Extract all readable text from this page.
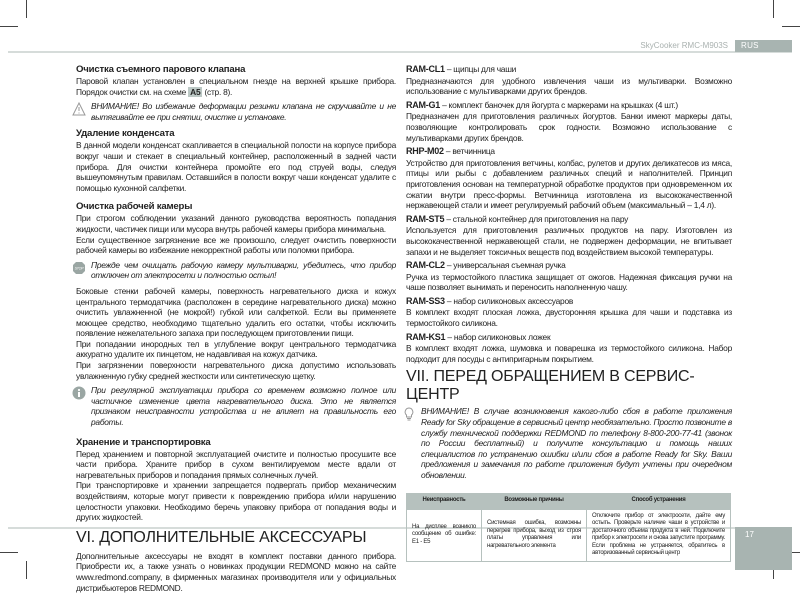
SkyCooker RMC-M903S	RUS
17
Очистка съемного парового клапана

Паровой клапан установлен в специальном гнезде на верхней крышке прибора. Порядок очистки см. на схеме A5 (стр. 8).

ВНИМАНИЕ! Во избежание деформации резинки клапана не скручивайте и не вытягивайте ее при снятии, очистке и установке.
Удаление конденсата

В данной модели конденсат скапливается в специальной полости на корпусе прибора вокруг чаши и стекает в специальный контейнер, расположенный в задней части прибора. Для очистки контейнера промойте его под струей воды, следуя вышеупомянутым правилам. Оставшийся в полости вокруг чаши конденсат удалите с помощью кухонной салфетки.

Очистка рабочей камеры

При строгом соблюдении указаний данного руководства вероятность попадания жидкости, частичек пищи или мусора внутрь рабочей камеры прибора минимальна.

Если существенное загрязнение все же произошло, следует очистить поверхности рабочей камеры во избежание некорректной работы или поломки прибора.

STOP Прежде чем очищать рабочую камеру мультиварки, убедитесь, что прибор отключен от электросети и полностью остыл!

Боковые стенки рабочей камеры, поверхность нагревательного диска и кожух центрального термодатчика (расположен в середине нагревательного диска) можно очистить увлажненной (не мокрой!) губкой или салфеткой. Если вы применяете моющее средство, необходимо тщательно удалить его остатки, чтобы исключить появление нежелательного запаха при последующем приготовлении пищи.

При попадании инородных тел в углубление вокруг центрального термодатчика аккуратно удалите их пинцетом, не надавливая на кожух датчика.

При загрязнении поверхности нагревательного диска допустимо использовать увлажненную губку средней жесткости или синтетическую щетку.

При регулярной эксплуатации прибора со временем возможно полное или частичное изменение цвета нагревательного диска. Это не является признаком неисправности устройства и не влияет на правильность его работы.
Хранение и транспортировка

Перед хранением и повторной эксплуатацией очистите и полностью просушите все части прибора. Храните прибор в сухом вентилируемом месте вдали от нагревательных приборов и попадания прямых солнечных лучей.

При транспортировке и хранении запрещается подвергать прибор механическим воздействиям, которые могут привести к повреждению прибора и/или нарушению целостности упаковки. Необходимо беречь упаковку прибора от попадания воды и других жидкостей.

VI. ДОПОЛНИТЕЛЬНЫЕ АКСЕССУАРЫ

Дополнительные аксессуары не входят в комплект поставки данного прибора. Приобрести их, а также узнать о новинках продукции REDMOND можно на сайте www.redmond.company, в фирменных магазинах производителя или у официальных дистрибьютеров REDMOND.

RAM-CL1 – щипцы для чаши

Предназначаются для удобного извлечения чаши из мультиварки. Возможно использование с мультиварками других брендов.

RAM-G1 – комплект баночек для йогурта с маркерами на крышках (4 шт.)

Предназначен для приготовления различных йогуртов. Банки имеют маркеры даты, позволяющие контролировать срок годности. Возможно использование с мультиварками других брендов.

RHP-M02 – ветчинница

Устройство для приготовления ветчины, колбас, рулетов и других деликатесов из мяса, птицы или рыбы с добавлением различных специй и наполнителей. Принцип приготовления основан на температурной обработке продуктов при одновременном их сжатии внутри пресс-формы. Ветчинница изготовлена из высококачественной нержавеющей стали и имеет регулируемый рабочий объем (максимальный – 1,4 л).

RAM-ST5 – стальной контейнер для приготовления на пару

Используется для приготовления различных продуктов на пару. Изготовлен из высококачественной нержавеющей стали, не подвержен деформации, не впитывает запахи и не выделяет токсичных веществ под воздействием высокой температуры.

RAM-CL2 – универсальная съемная ручка

Ручка из термостойкого пластика защищает от ожогов. Надежная фиксация ручки на чаше позволяет вынимать и переносить наполненную чашу.

RAM-SS3 – набор силиконовых аксессуаров

В комплект входят плоская ложка, двусторонняя крышка для чаши и подставка из термостойкого силикона.

RAM-KS1 – набор силиконовых ложек

В комплект входят ложка, шумовка и поварешка из термостойкого силикона. Набор подходит для посуды с антипригарным покрытием.

VII. ПЕРЕД ОБРАЩЕНИЕМ В СЕРВИС-ЦЕНТР
ВНИМАНИЕ! В случае возникновения какого-либо сбоя в работе приложения Ready for Sky обращение в сервисный центр необязательно. Просто позвоните в службу технической поддержки REDMOND по телефону 8-800-200-77-41 (звонок по России бесплатный) и получите консультацию и помощь наших специалистов по устранению ошибки и/или сбоя в работе Ready for Sky. Ваши предложения и замечания по работе приложения будут учтены при очередном обновлении.
Неисправность	Возможные причины	Способ устранения
На дисплее возникло сообщение об ошибке: E1 - E5	Системная ошибка, возможны перегрев прибора, выход из строя платы управления или нагревательного элемента	Отключите прибор от электросети, дайте ему остыть. Проверьте наличие чаши в устройстве и достаточного объема продукта в ней. Подключите прибор к электросети и снова запустите программу. Если проблема не устраняется, обратитесь в авторизованный сервисный центр
